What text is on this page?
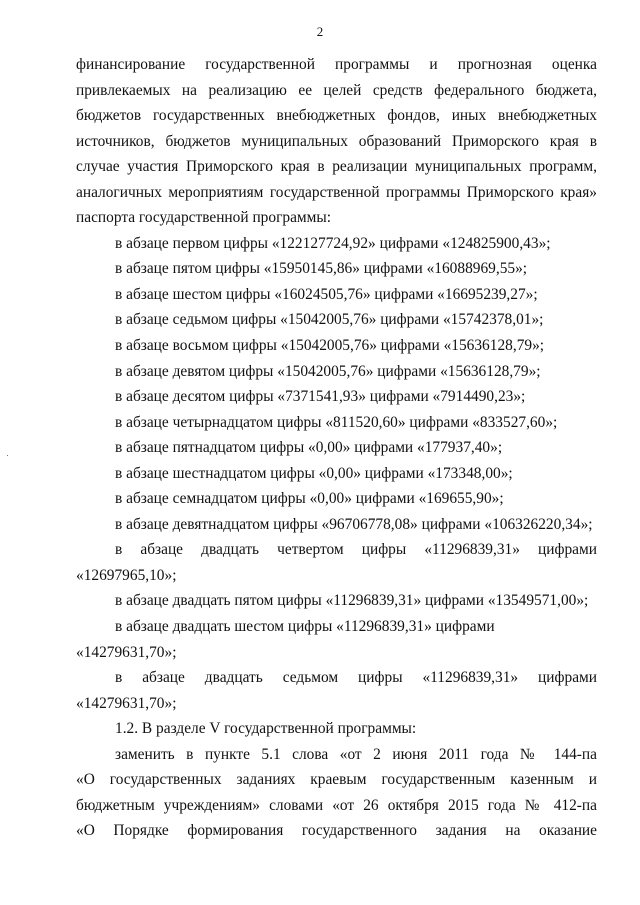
2

финансирование государственной программы и прогнозная оценка

привлекаемых на реализацию ее целей средств федерального бюджета,

бюджетов государственных внебюджетных фондов, иных внебюджетных

источников, бюджетов муниципальных образований Приморского края в

случае участия Приморского края в реализации муниципальных программ,

аналогичных мероприятиям государственной программы Приморского края»

паспорта государственной программы:

в абзаце первом цифры «122127724,92» цифрами «124825900,43»;

в абзаце пятом цифры «15950145,86» цифрами «16088969,55»;

в абзаце шестом цифры «16024505,76» цифрами «16695239,27»;

в абзаце седьмом цифры «15042005,76» цифрами «15742378,01»;

в абзаце восьмом цифры «15042005,76» цифрами «15636128,79»;

в абзаце девятом цифры «15042005,76» цифрами «15636128,79»;

в абзаце десятом цифры «7371541,93» цифрами «7914490,23»;

в абзаце четырнадцатом цифры «811520,60» цифрами «833527,60»;

в абзаце пятнадцатом цифры «0,00» цифрами «177937,40»;

в абзаце шестнадцатом цифры «0,00» цифрами «173348,00»;

в абзаце семнадцатом цифры «0,00» цифрами «169655,90»;

в абзаце девятнадцатом цифры «96706778,08» цифрами «106326220,34»;

в абзаце двадцать четвертом цифры «11296839,31» цифрами

«12697965,10»;

в абзаце двадцать пятом цифры «11296839,31» цифрами «13549571,00»;

в абзаце двадцать шестом цифры «11296839,31» цифрами «14279631,70»;

в абзаце двадцать седьмом цифры «11296839,31» цифрами

«14279631,70»;

1.2. В разделе V государственной программы:

заменить в пункте 5.1 слова «от 2 июня 2011 года № 144-па

«О государственных заданиях краевым государственным казенным и

бюджетным учреждениям» словами «от 26 октября 2015 года № 412-па

«О Порядке формирования государственного задания на оказание
